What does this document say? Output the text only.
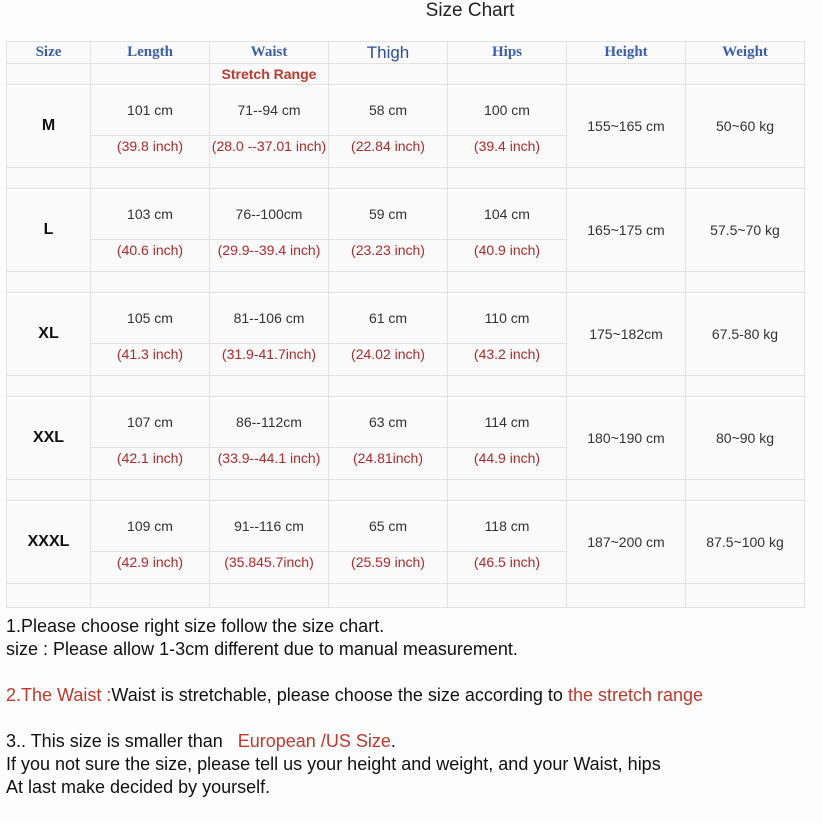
Size Chart
Size	Length	Waist	Thigh	Hips	Height	Weight
		Stretch Range				
M	101 cm	71--94 cm	58 cm	100 cm	155~165 cm	50~60 kg
	(39.8 inch)	(28.0 --37.01 inch)	(22.84 inch)	(39.4 inch)		

L	103 cm	76--100cm	59 cm	104 cm	165~175 cm	57.5~70 kg
	(40.6 inch)	(29.9--39.4 inch)	(23.23 inch)	(40.9 inch)		

XL	105 cm	81--106 cm	61 cm	110 cm	175~182cm	67.5-80 kg
	(41.3 inch)	(31.9-41.7inch)	(24.02 inch)	(43.2 inch)		

XXL	107 cm	86--112cm	63 cm	114 cm	180~190 cm	80~90 kg
	(42.1 inch)	(33.9--44.1 inch)	(24.81inch)	(44.9 inch)		

XXXL	109 cm	91--116 cm	65 cm	118 cm	187~200 cm	87.5~100 kg
	(42.9 inch)	(35.845.7inch)	(25.59 inch)	(46.5 inch)		

1.Please choose right size follow the size chart.

size : Please allow 1-3cm different due to manual measurement.

2.The Waist :Waist is stretchable, please choose the size according to the stretch range

3.. This size is smaller than   European /US Size.

If you not sure the size, please tell us your height and weight, and your Waist, hips

At last make decided by yourself.
